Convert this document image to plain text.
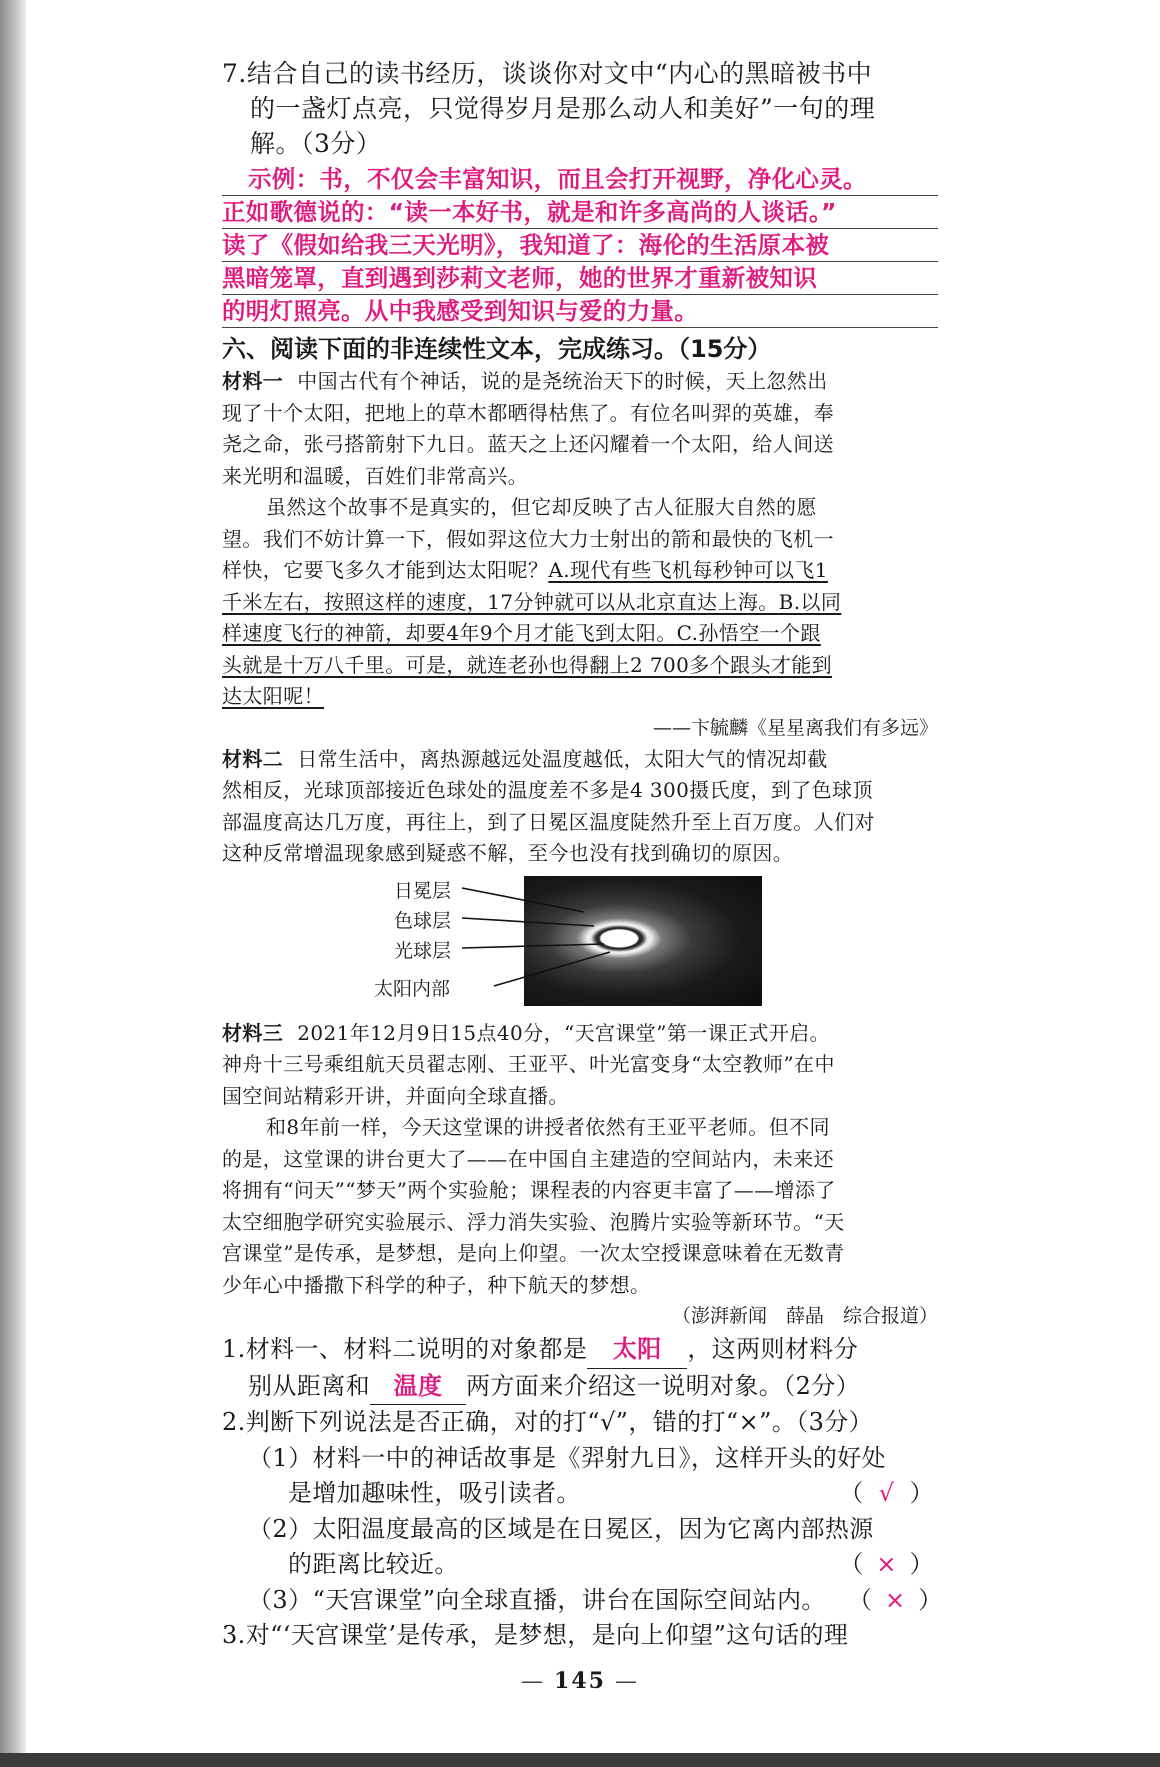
7.结合自己的读书经历，谈谈你对文中“内心的黑暗被书中
的一盏灯点亮，只觉得岁月是那么动人和美好”一句的理
解。（3分）
示例：书，不仅会丰富知识，而且会打开视野，净化心灵。
正如歌德说的：“读一本好书，就是和许多高尚的人谈话。”
读了《假如给我三天光明》，我知道了：海伦的生活原本被
黑暗笼罩，直到遇到莎莉文老师，她的世界才重新被知识
的明灯照亮。从中我感受到知识与爱的力量。
六、阅读下面的非连续性文本，完成练习。（15分）
材料一 中国古代有个神话，说的是尧统治天下的时候，天上忽然出
现了十个太阳，把地上的草木都晒得枯焦了。有位名叫羿的英雄，奉
尧之命，张弓搭箭射下九日。蓝天之上还闪耀着一个太阳，给人间送
来光明和温暖，百姓们非常高兴。
虽然这个故事不是真实的，但它却反映了古人征服大自然的愿
望。我们不妨计算一下，假如羿这位大力士射出的箭和最快的飞机一
样快，它要飞多久才能到达太阳呢？A.现代有些飞机每秒钟可以飞1
千米左右，按照这样的速度，17分钟就可以从北京直达上海。B.以同
样速度飞行的神箭，却要4年9个月才能飞到太阳。C.孙悟空一个跟
头就是十万八千里。可是，就连老孙也得翻上2 700多个跟头才能到
达太阳呢！
——卞毓麟《星星离我们有多远》
材料二 日常生活中，离热源越远处温度越低，太阳大气的情况却截
然相反，光球顶部接近色球处的温度差不多是4 300摄氏度，到了色球顶
部温度高达几万度，再往上，到了日冕区温度陡然升至上百万度。人们对
这种反常增温现象感到疑惑不解，至今也没有找到确切的原因。
日冕层
色球层
光球层
太阳内部
材料三 2021年12月9日15点40分，“天宫课堂”第一课正式开启。
神舟十三号乘组航天员翟志刚、王亚平、叶光富变身“太空教师”在中
国空间站精彩开讲，并面向全球直播。
和8年前一样，今天这堂课的讲授者依然有王亚平老师。但不同
的是，这堂课的讲台更大了——在中国自主建造的空间站内，未来还
将拥有“问天”“梦天”两个实验舱；课程表的内容更丰富了——增添了
太空细胞学研究实验展示、浮力消失实验、泡腾片实验等新环节。“天
宫课堂”是传承，是梦想，是向上仰望。一次太空授课意味着在无数青
少年心中播撒下科学的种子，种下航天的梦想。
（澎湃新闻　薛晶　综合报道）
1.材料一、材料二说明的对象都是 太阳 ，这两则材料分
别从距离和 温度 两方面来介绍这一说明对象。（2分）
2.判断下列说法是否正确，对的打“√”，错的打“×”。（3分）
（1）材料一中的神话故事是《羿射九日》，这样开头的好处
是增加趣味性，吸引读者。	（ √ ）
（2）太阳温度最高的区域是在日冕区，因为它离内部热源
的距离比较近。	（ × ）
（3）“天宫课堂”向全球直播，讲台在国际空间站内。 （ × ）
3.对“‘天宫课堂’是传承，是梦想，是向上仰望”这句话的理
— 145 —
